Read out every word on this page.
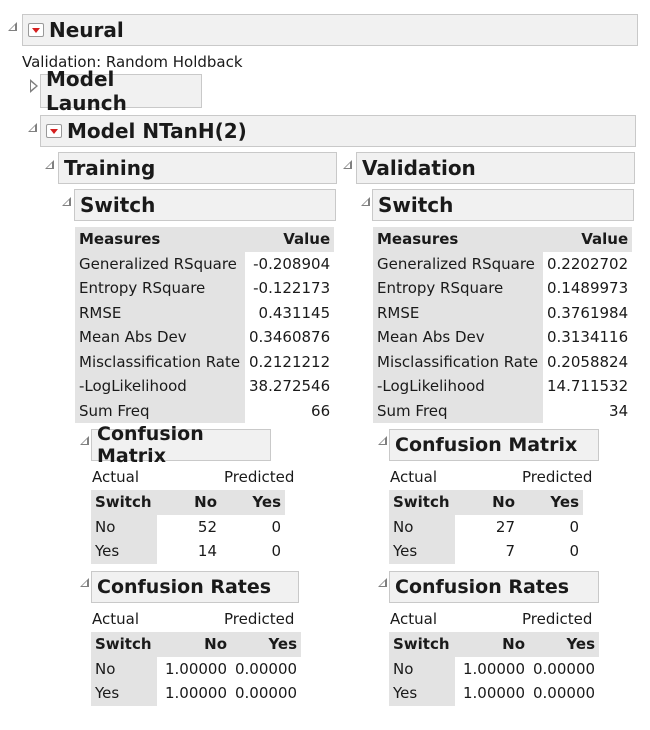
Neural
Validation: Random Holdback
Model Launch
Model NTanH(2)
Training
Switch
Measures	Value
Generalized RSquare	-0.208904
Entropy RSquare	-0.122173
RMSE	0.431145
Mean Abs Dev	0.3460876
Misclassification Rate	0.2121212
-LogLikelihood	38.272546
Sum Freq	66
Confusion Matrix
Actual	Predicted
Switch	No	Yes
No	52	0
Yes	14	0
Confusion Rates
Actual	Predicted
Switch	No	Yes
No	1.00000	0.00000
Yes	1.00000	0.00000
Validation
Switch
Measures	Value
Generalized RSquare	0.2202702
Entropy RSquare	0.1489973
RMSE	0.3761984
Mean Abs Dev	0.3134116
Misclassification Rate	0.2058824
-LogLikelihood	14.711532
Sum Freq	34
Confusion Matrix
Actual	Predicted
Switch	No	Yes
No	27	0
Yes	7	0
Confusion Rates
Actual	Predicted
Switch	No	Yes
No	1.00000	0.00000
Yes	1.00000	0.00000
